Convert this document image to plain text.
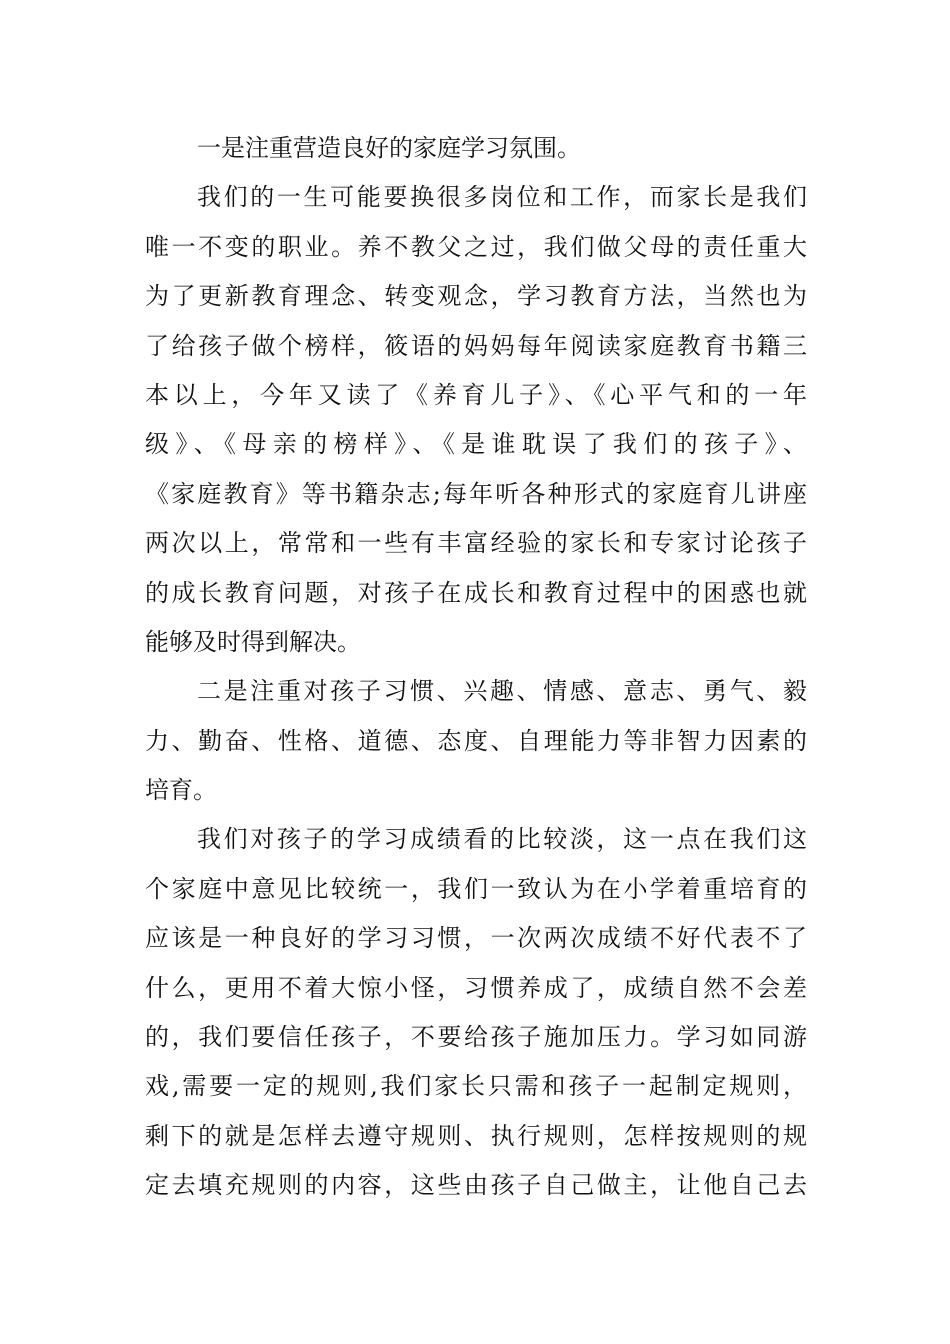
一是注重营造良好的家庭学习氛围。
我们的一生可能要换很多岗位和工作，而家长是我们
唯一不变的职业。养不教父之过，我们做父母的责任重大
为了更新教育理念、转变观念，学习教育方法，当然也为
了给孩子做个榜样，筱语的妈妈每年阅读家庭教育书籍三
本以上，今年又读了《养育儿子》、《心平气和的一年
级》、《母亲的榜样》、《是谁耽误了我们的孩子》、
《家庭教育》等书籍杂志;每年听各种形式的家庭育儿讲座
两次以上，常常和一些有丰富经验的家长和专家讨论孩子
的成长教育问题，对孩子在成长和教育过程中的困惑也就
能够及时得到解决。
二是注重对孩子习惯、兴趣、情感、意志、勇气、毅
力、勤奋、性格、道德、态度、自理能力等非智力因素的
培育。
我们对孩子的学习成绩看的比较淡，这一点在我们这
个家庭中意见比较统一，我们一致认为在小学着重培育的
应该是一种良好的学习习惯，一次两次成绩不好代表不了
什么，更用不着大惊小怪，习惯养成了，成绩自然不会差
的，我们要信任孩子，不要给孩子施加压力。学习如同游
戏,需要一定的规则,我们家长只需和孩子一起制定规则，
剩下的就是怎样去遵守规则、执行规则，怎样按规则的规
定去填充规则的内容，这些由孩子自己做主，让他自己去
